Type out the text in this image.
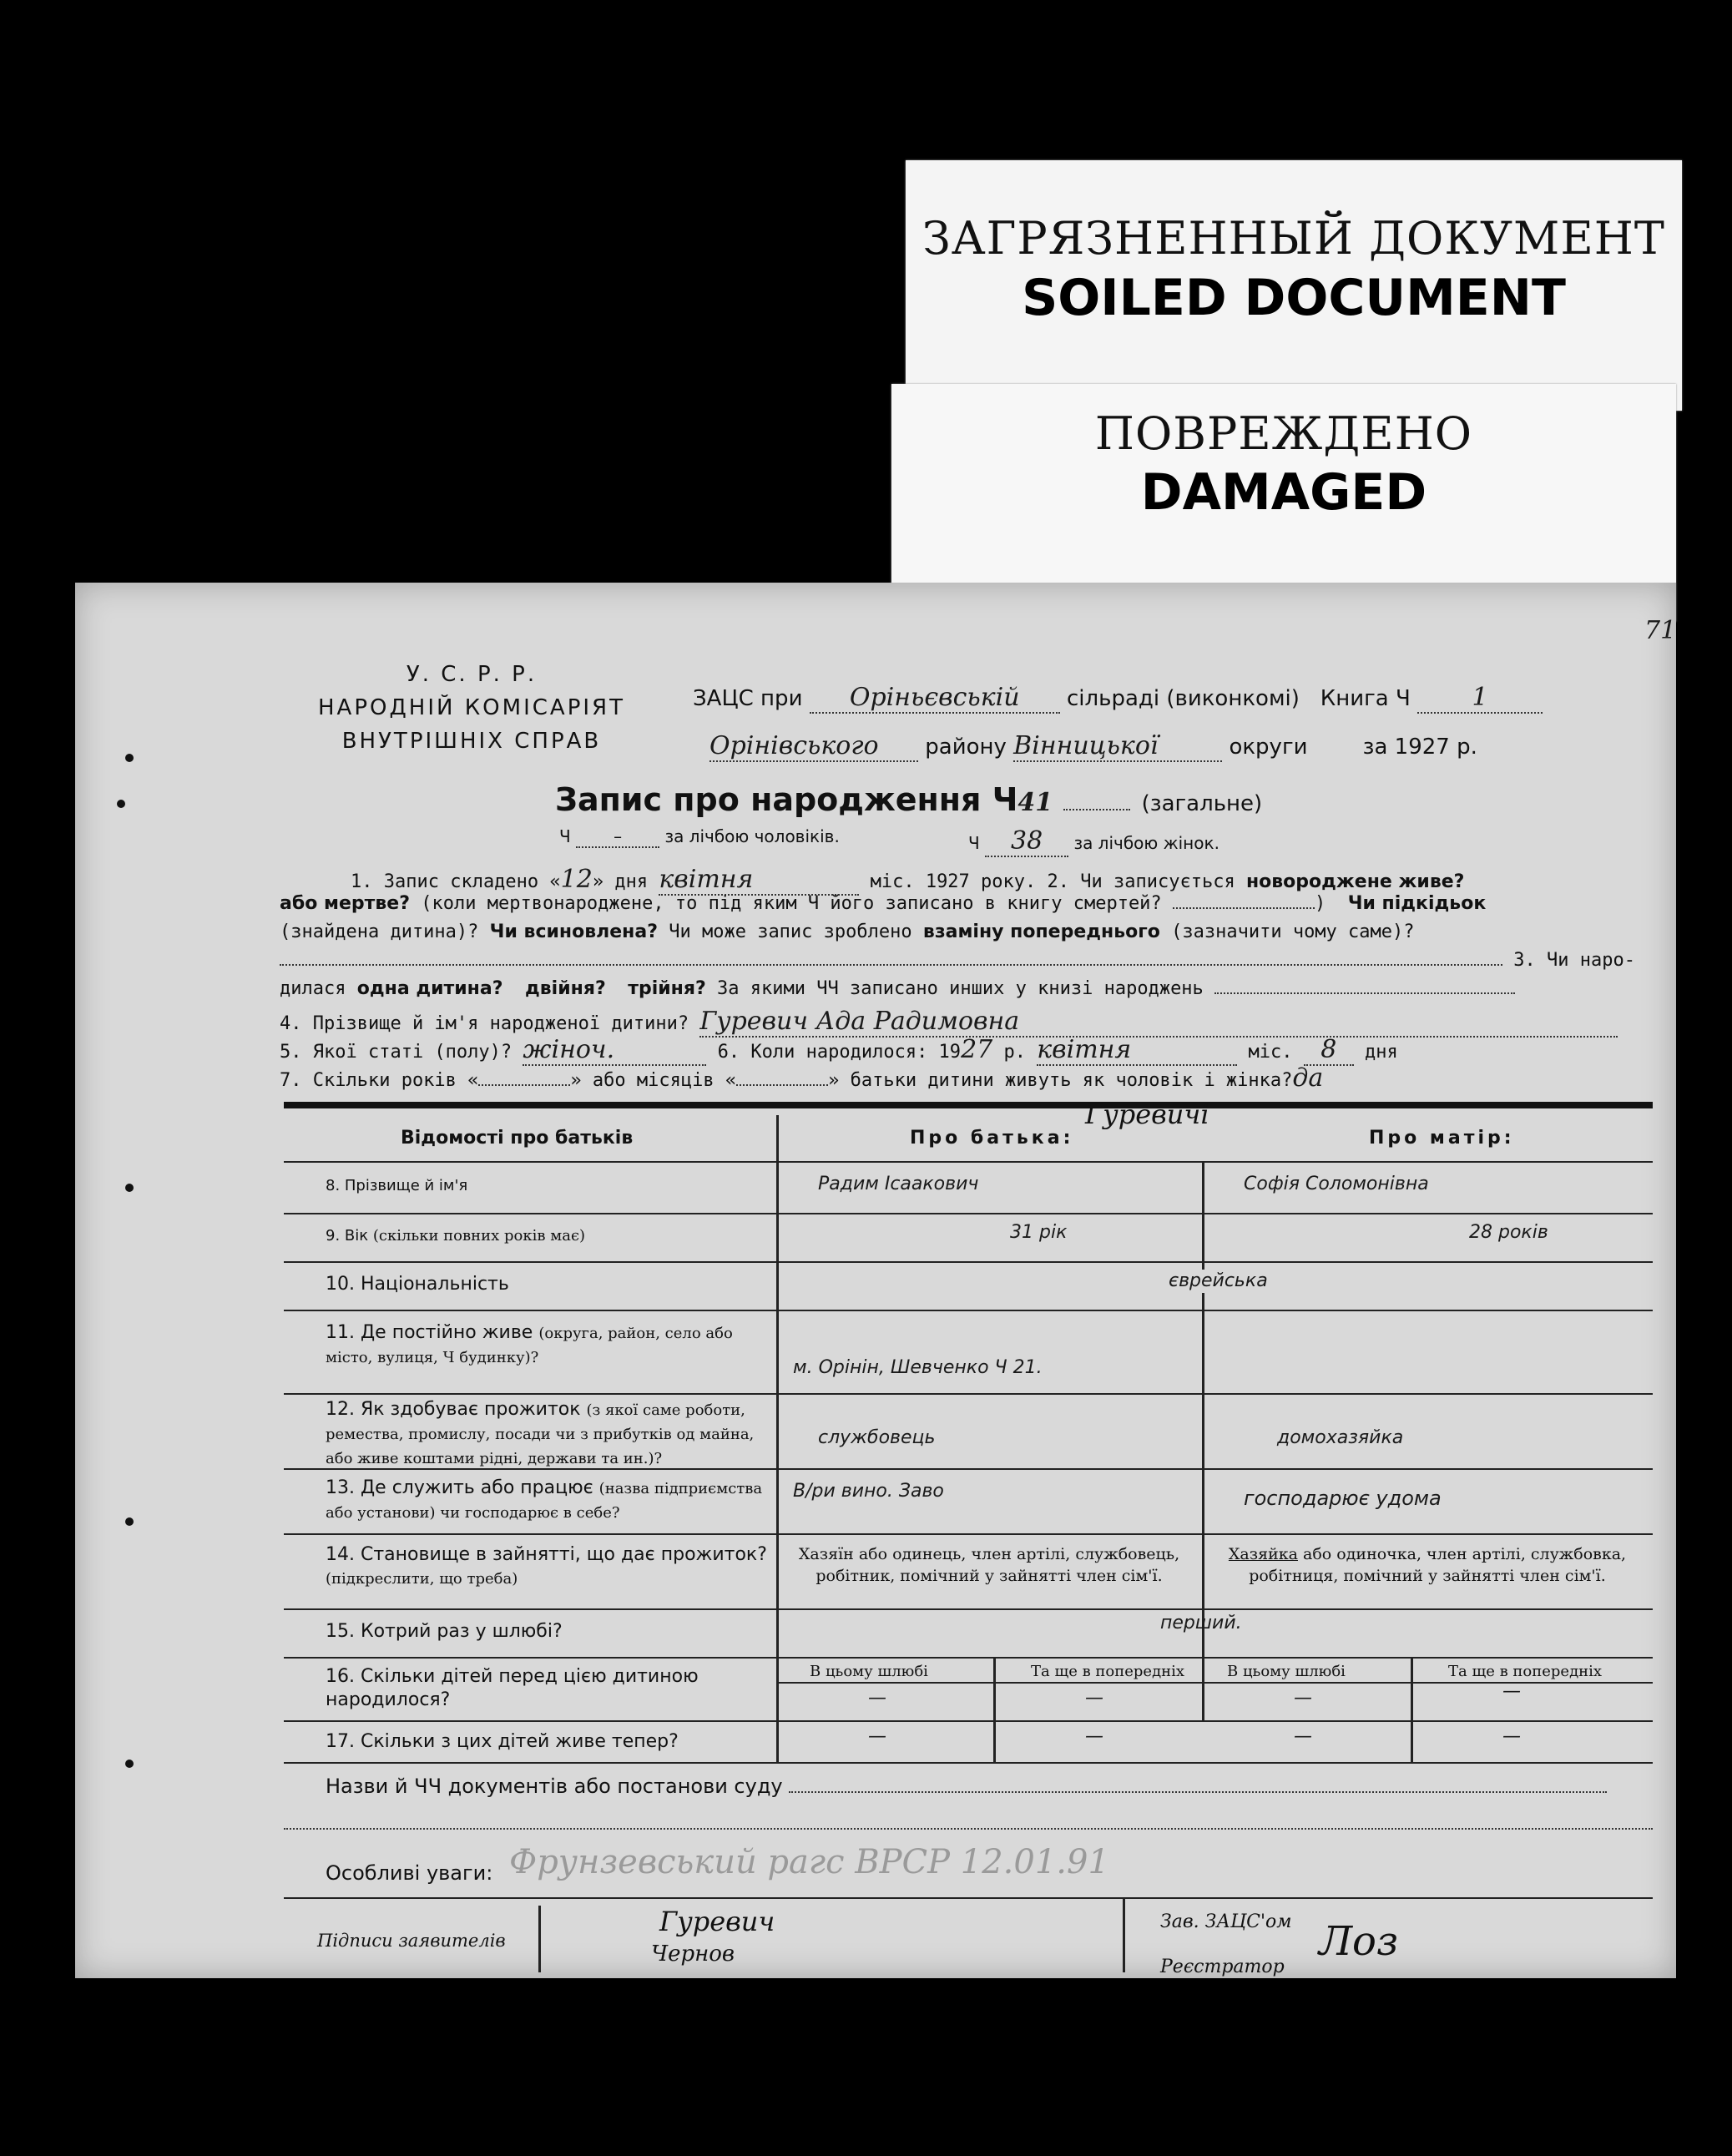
ЗАГРЯЗНЕННЫЙ ДОКУМЕНТ
SOILED DOCUMENT
ПОВРЕЖДЕНО
DAMAGED
71
У. С. Р. Р.
НАРОДНІЙ КОМІСАРІЯТ
ВНУТРІШНІХ СПРАВ
ЗАЦС при Оріньєвській сільраді (виконкомі) Книга Ч 1
Орінівського району Вінницької	округи	за 1927 р.
Запис про народження Ч41	(загальне)
Ч	–	за лічбою чоловіків.	Ч 38 за лічбою жінок.
1. Запис складено «12» дня квітня	міс. 1927 року. 2. Чи записується новороджене живе?
або мертве? (коли мертвонароджене, то під яким Ч його записано в книгу смертей?	) Чи підкідьок
(знайдена дитина)? Чи всиновлена? Чи може запис зроблено взаміну попереднього (зазначити чому саме)?
3. Чи наро-
дилася одна дитина? двійня? трійня? За якими ЧЧ записано инших у книзі народжень
4. Прізвище й ім'я народженої дитини? Гуревич Ада Радимовна
5. Якої статі (полу)? жіноч.	6. Коли народилося: 1927 р. квітня	міс. 8 дня
7. Скільки років «	» або місяців «	» батьки дитини живуть як чоловік і жінка?да
Відомості про батьків	Про батька:	Про матір:
Гуревичі
8. Прізвище й ім'я	Радим Ісаакович	Софія Соломонівна
9. Вік (скільки повних років має)	31 рік	28 років
10. Національність	єврейська
11. Де постійно живе (округа, район, село або місто, вулиця, Ч будинку)?	м. Орінін, Шевченко Ч 21.
12. Як здобуває прожиток (з якої саме роботи, ремества, промислу, посади чи з прибутків од майна, або живе коштами рідні, держави та ин.)?
службовець	домохазяйка
13. Де служить або працює (назва підприємства або установи) чи господарює в себе?
В/ри вино. Заво	господарює удома
14. Становище в зайнятті, що дає прожиток? (підкреслити, що треба)
Хазяїн або одинець, член артілі, службовець, робітник, помічний у зайнятті член сім'ї.
Хазяйка або одиночка, член артілі, службовка, робітниця, помічний у зайнятті член сім'ї.
15. Котрий раз у шлюбі?	перший.
16. Скільки дітей перед цією дитиною народилося?
В цьому шлюбі	Та ще в попередніх	В цьому шлюбі	Та ще в попередніх
—	—	—	—
17. Скільки з цих дітей живе тепер?	—	—	—	—
Назви й ЧЧ документів або постанови суду
Особливі уваги: Фрунзевський рагс ВРСР 12.01.91
Підписи заявителів
Гуревич
Чернов
Зав. ЗАЦС'ом
Реєстратор
Лоз
